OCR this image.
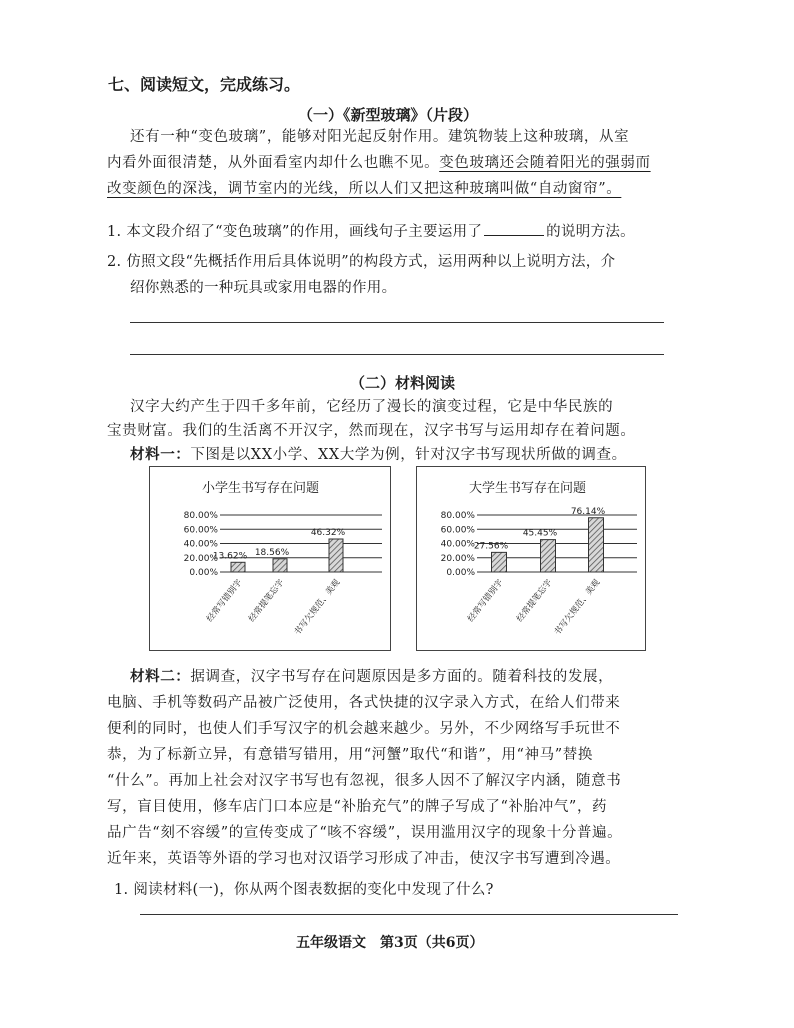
七、阅读短文，完成练习。
（一）《新型玻璃》（片段）
还有一种“变色玻璃”，能够对阳光起反射作用。建筑物装上这种玻璃，从室
内看外面很清楚，从外面看室内却什么也瞧不见。变色玻璃还会随着阳光的强弱而
改变颜色的深浅，调节室内的光线，所以人们又把这种玻璃叫做“自动窗帘”。
1. 本文段介绍了“变色玻璃”的作用，画线句子主要运用了	的说明方法。
2. 仿照文段“先概括作用后具体说明”的构段方式，运用两种以上说明方法，介
绍你熟悉的一种玩具或家用电器的作用。
（二）材料阅读
汉字大约产生于四千多年前，它经历了漫长的演变过程，它是中华民族的
宝贵财富。我们的生活离不开汉字，然而现在，汉字书写与运用却存在着问题。
材料一：下图是以XX小学、XX大学为例，针对汉字书写现状所做的调查。
小学生书写存在问题
0.00%
20.00%
40.00%
60.00%
80.00%
13.62%
经常写错别字
18.56%
经常提笔忘字
46.32%
书写欠规范、美观
大学生书写存在问题
0.00%
20.00%
40.00%
60.00%
80.00%
27.56%
经常写错别字
45.45%
经常提笔忘字
76.14%
书写欠规范、美观
材料二：据调查，汉字书写存在问题原因是多方面的。随着科技的发展，
电脑、手机等数码产品被广泛使用，各式快捷的汉字录入方式，在给人们带来
便利的同时，也使人们手写汉字的机会越来越少。另外，不少网络写手玩世不
恭，为了标新立异，有意错写错用，用“河蟹”取代“和谐”，用“神马”替换
“什么”。再加上社会对汉字书写也有忽视，很多人因不了解汉字内涵，随意书
写，盲目使用，修车店门口本应是“补胎充气”的牌子写成了“补胎冲气”，药
品广告“刻不容缓”的宣传变成了“咳不容缓”，误用滥用汉字的现象十分普遍。
近年来，英语等外语的学习也对汉语学习形成了冲击，使汉字书写遭到冷遇。
1. 阅读材料(一)，你从两个图表数据的变化中发现了什么?
五年级语文　第3页（共6页）
